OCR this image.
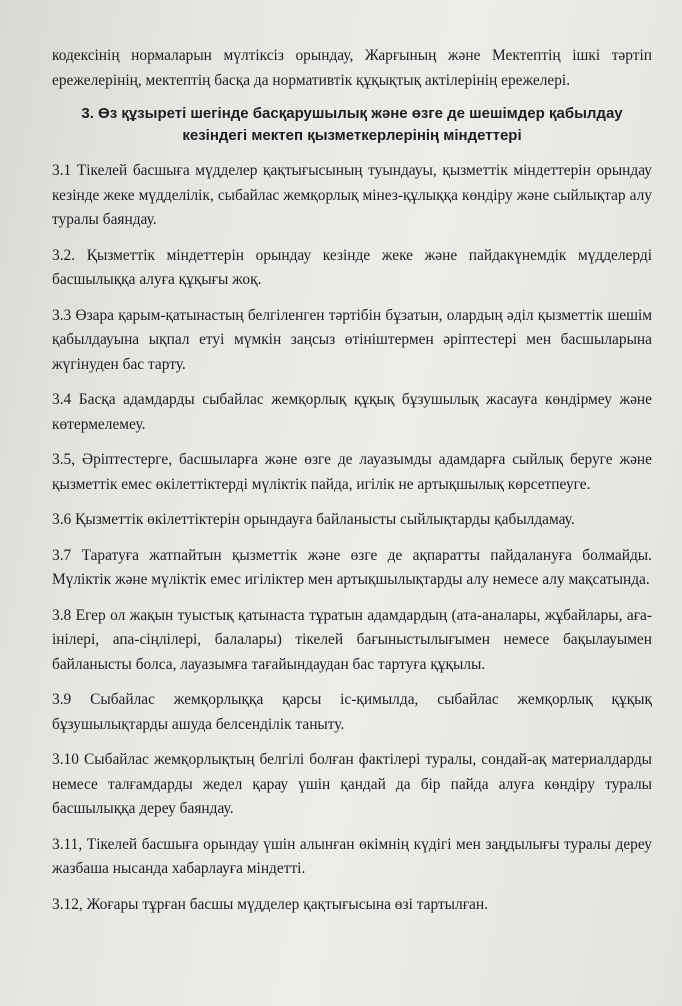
кодексінің нормаларын мүлтіксіз орындау, Жарғының және Мектептің ішкі тәртіп ережелерінің, мектептің басқа да нормативтік құқықтық актілерінің ережелері.

3. Өз құзыреті шегінде басқарушылық және өзге де шешімдер қабылдау кезіндегі мектеп қызметкерлерінің міндеттері

3.1 Тікелей басшыға мүдделер қақтығысының туындауы, қызметтік міндеттерін орындау кезінде жеке мүдделілік, сыбайлас жемқорлық мінез-құлыққа көндіру және сыйлықтар алу туралы баяндау.

3.2. Қызметтік міндеттерін орындау кезінде жеке және пайдакүнемдік мүдделерді басшылыққа алуға құқығы жоқ.

3.3 Өзара қарым-қатынастың белгіленген тәртібін бұзатын, олардың әділ қызметтік шешім қабылдауына ықпал етуі мүмкін заңсыз өтініштермен әріптестері мен басшыларына жүгінуден бас тарту.

3.4 Басқа адамдарды сыбайлас жемқорлық құқық бұзушылық жасауға көндірмеу және көтермелемеу.

3.5, Әріптестерге, басшыларға және өзге де лауазымды адамдарға сыйлық беруге және қызметтік емес өкілеттіктерді мүліктік пайда, игілік не артықшылық көрсетпеуге.

3.6 Қызметтік өкілеттіктерін орындауға байланысты сыйлықтарды қабылдамау.

3.7 Таратуға жатпайтын қызметтік және өзге де ақпаратты пайдалануға болмайды. Мүліктік және мүліктік емес игіліктер мен артықшылықтарды алу немесе алу мақсатында.

3.8 Егер ол жақын туыстық қатынаста тұратын адамдардың (ата-аналары, жұбайлары, аға-інілері, апа-сіңлілері, балалары) тікелей бағыныстылығымен немесе бақылауымен байланысты болса, лауазымға тағайындаудан бас тартуға құқылы.

3.9 Сыбайлас жемқорлыққа қарсы іс-қимылда, сыбайлас жемқорлық құқық бұзушылықтарды ашуда белсенділік таныту.

3.10 Сыбайлас жемқорлықтың белгілі болған фактілері туралы, сондай-ақ материалдарды немесе талғамдарды жедел қарау үшін қандай да бір пайда алуға көндіру туралы басшылыққа дереу баяндау.

3.11, Тікелей басшыға орындау үшін алынған өкімнің күдігі мен заңдылығы туралы дереу жазбаша нысанда хабарлауға міндетті.

3.12, Жоғары тұрған басшы мүдделер қақтығысына өзі тартылған.
